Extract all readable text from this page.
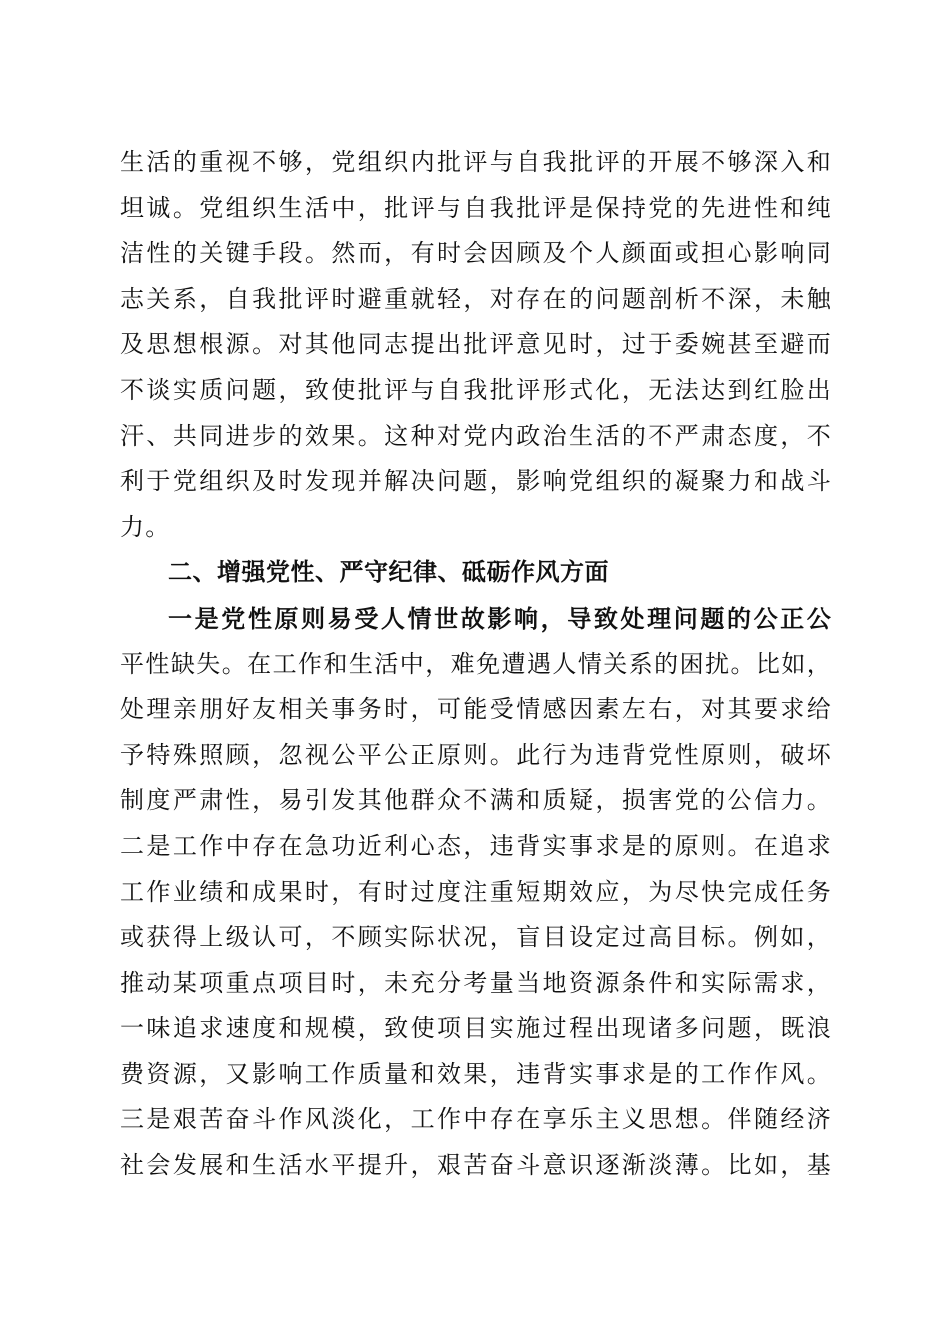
生活的重视不够，党组织内批评与自我批评的开展不够深入和
坦诚。党组织生活中，批评与自我批评是保持党的先进性和纯
洁性的关键手段。然而，有时会因顾及个人颜面或担心影响同
志关系，自我批评时避重就轻，对存在的问题剖析不深，未触
及思想根源。对其他同志提出批评意见时，过于委婉甚至避而
不谈实质问题，致使批评与自我批评形式化，无法达到红脸出
汗、共同进步的效果。这种对党内政治生活的不严肃态度，不
利于党组织及时发现并解决问题，影响党组织的凝聚力和战斗
力。
二、增强党性、严守纪律、砥砺作风方面
一是党性原则易受人情世故影响，导致处理问题的公正公
平性缺失。在工作和生活中，难免遭遇人情关系的困扰。比如，
处理亲朋好友相关事务时，可能受情感因素左右，对其要求给
予特殊照顾，忽视公平公正原则。此行为违背党性原则，破坏
制度严肃性，易引发其他群众不满和质疑，损害党的公信力。
二是工作中存在急功近利心态，违背实事求是的原则。在追求
工作业绩和成果时，有时过度注重短期效应，为尽快完成任务
或获得上级认可，不顾实际状况，盲目设定过高目标。例如，
推动某项重点项目时，未充分考量当地资源条件和实际需求，
一味追求速度和规模，致使项目实施过程出现诸多问题，既浪
费资源，又影响工作质量和效果，违背实事求是的工作作风。
三是艰苦奋斗作风淡化，工作中存在享乐主义思想。伴随经济
社会发展和生活水平提升，艰苦奋斗意识逐渐淡薄。比如，基
